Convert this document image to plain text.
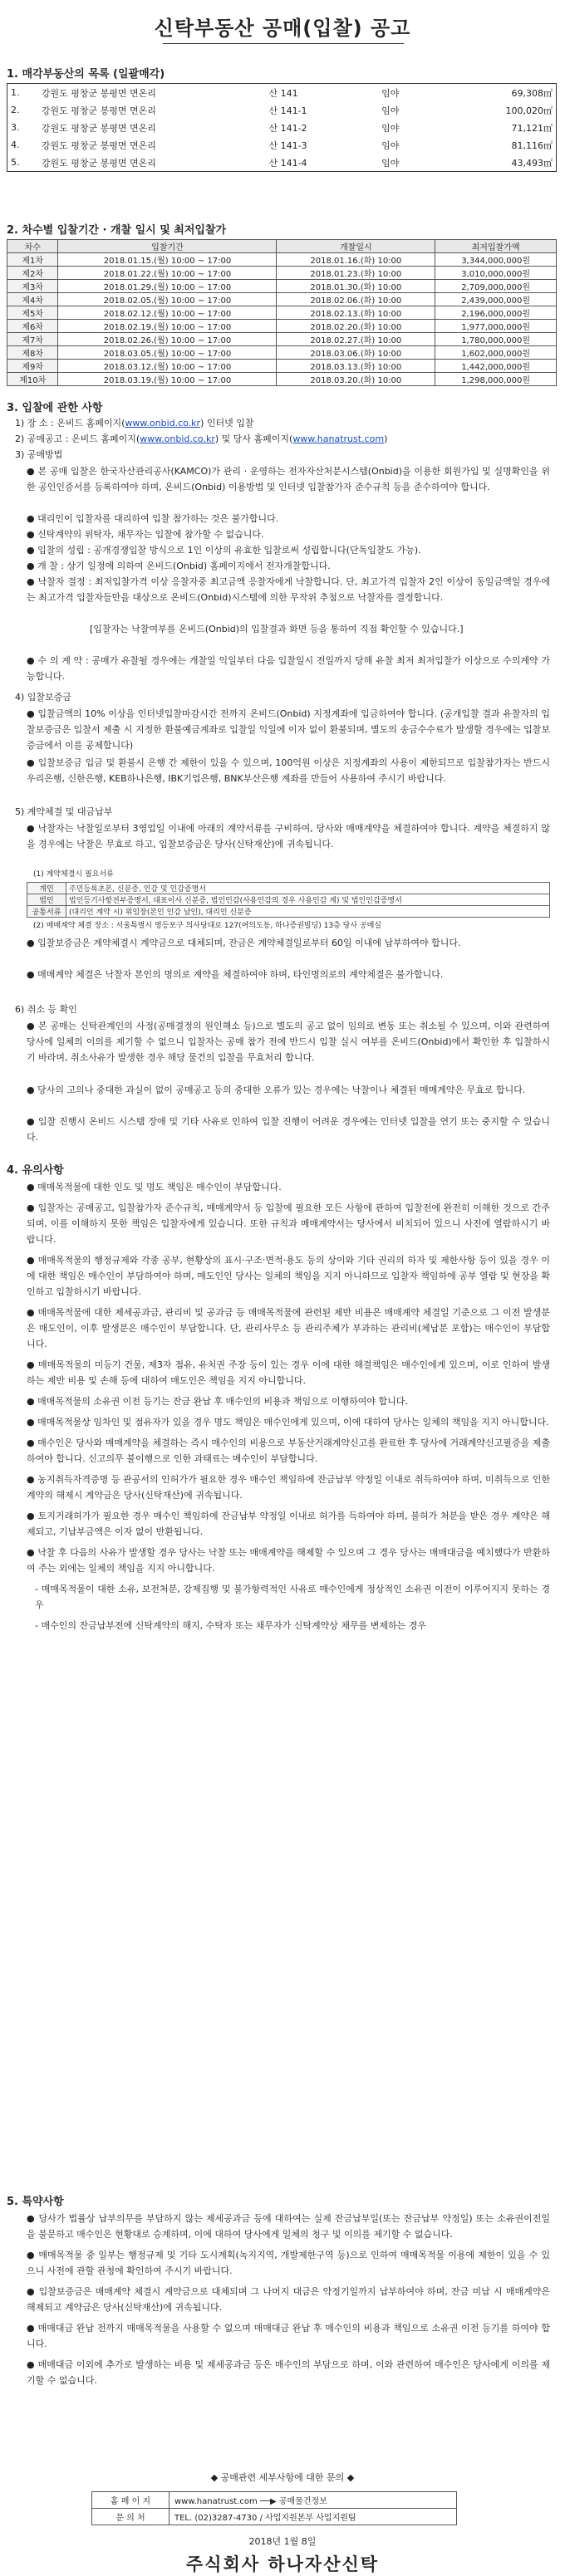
신탁부동산 공매(입찰) 공고
1. 매각부동산의 목록 (일괄매각)
1.	강원도 평창군 봉평면 면온리	산 141	임야	69,308㎡
2.	강원도 평창군 봉평면 면온리	산 141-1	임야	100,020㎡
3.	강원도 평창군 봉평면 면온리	산 141-2	임야	71,121㎡
4.	강원도 평창군 봉평면 면온리	산 141-3	임야	81,116㎡
5.	강원도 평창군 봉평면 면온리	산 141-4	임야	43,493㎡
2. 차수별 입찰기간 · 개찰 일시 및 최저입찰가
차수	입찰기간	개찰일시	최저입찰가액
제1차	2018.01.15.(월) 10:00 ~ 17:00	2018.01.16.(화) 10:00	3,344,000,000원
제2차	2018.01.22.(월) 10:00 ~ 17:00	2018.01.23.(화) 10:00	3,010,000,000원
제3차	2018.01.29.(월) 10:00 ~ 17:00	2018.01.30.(화) 10:00	2,709,000,000원
제4차	2018.02.05.(월) 10:00 ~ 17:00	2018.02.06.(화) 10:00	2,439,000,000원
제5차	2018.02.12.(월) 10:00 ~ 17:00	2018.02.13.(화) 10:00	2,196,000,000원
제6차	2018.02.19.(월) 10:00 ~ 17:00	2018.02.20.(화) 10:00	1,977,000,000원
제7차	2018.02.26.(월) 10:00 ~ 17:00	2018.02.27.(화) 10:00	1,780,000,000원
제8차	2018.03.05.(월) 10:00 ~ 17:00	2018.03.06.(화) 10:00	1,602,000,000원
제9차	2018.03.12.(월) 10:00 ~ 17:00	2018.03.13.(화) 10:00	1,442,000,000원
제10차	2018.03.19.(월) 10:00 ~ 17:00	2018.03.20.(화) 10:00	1,298,000,000원
3. 입찰에 관한 사항
1) 장 소 : 온비드 홈페이지(www.onbid.co.kr) 인터넷 입찰
2) 공매공고 : 온비드 홈페이지(www.onbid.co.kr) 및 당사 홈페이지(www.hanatrust.com)
3) 공매방법
● 본 공매 입찰은 한국자산관리공사(KAMCO)가 관리 · 운영하는 전자자산처분시스템(Onbid)을 이용한 회원가입 및 실명확인을 위한 공인인증서를 등록하여야 하며, 온비드(Onbid) 이용방법 및 인터넷 입찰참가자 준수규칙 등을 준수하여야 합니다.
● 대리인이 입찰자를 대리하여 입찰 참가하는 것은 불가합니다.
● 신탁계약의 위탁자, 채무자는 입찰에 참가할 수 없습니다.
● 입찰의 성립 : 공개경쟁입찰 방식으로 1인 이상의 유효한 입찰로써 성립합니다(단독입찰도 가능).
● 개 찰 : 상기 일정에 의하여 온비드(Onbid) 홈페이지에서 전자개찰합니다.
● 낙찰자 결정 : 최저입찰가격 이상 응찰자중 최고금액 응찰자에게 낙찰합니다. 단, 최고가격 입찰자 2인 이상이 동일금액일 경우에는 최고가격 입찰자들만을 대상으로 온비드(Onbid)시스템에 의한 무작위 추첨으로 낙찰자를 결정합니다.
[입찰자는 낙찰여부를 온비드(Onbid)의 입찰결과 화면 등을 통하여 직접 확인할 수 있습니다.]
● 수 의 계 약 : 공매가 유찰될 경우에는 개찰일 익일부터 다음 입찰일시 전일까지 당해 유찰 최저 최저입찰가 이상으로 수의계약 가능합니다.
4) 입찰보증금
● 입찰금액의 10% 이상을 인터넷입찰마감시간 전까지 온비드(Onbid) 지정계좌에 입금하여야 합니다. (공개입찰 결과 유찰자의 입찰보증금은 입찰서 제출 시 지정한 환불예금계좌로 입찰일 익일에 이자 없이 환불되며, 별도의 송금수수료가 발생할 경우에는 입찰보증금에서 이를 공제합니다)
● 입찰보증금 입금 및 환불시 은행 간 제한이 있을 수 있으며, 100억원 이상은 지정계좌의 사용이 제한되므로 입찰참가자는 반드시 우리은행, 신한은행, KEB하나은행, IBK기업은행, BNK부산은행 계좌를 만들어 사용하여 주시기 바랍니다.
5) 계약체결 및 대금납부
● 낙찰자는 낙찰일로부터 3영업일 이내에 아래의 계약서류를 구비하여, 당사와 매매계약을 체결하여야 합니다. 계약을 체결하지 않을 경우에는 낙찰은 무효로 하고, 입찰보증금은 당사(신탁재산)에 귀속됩니다.
(1) 계약체결시 필요서류
개인	주민등록초본, 신분증, 인감 및 인감증명서
법인	법인등기사항전부증명서, 대표이사 신분증, 법인인감(사용인감의 경우 사용인감 계) 및 법인인감증명서
공통서류	(대리인 계약 시) 위임장(본인 인감 날인), 대리인 신분증
(2) 매매계약 체결 장소 : 서울특별시 영등포구 의사당대로 127(여의도동, 하나증권빌딩) 13층 당사 공매실
● 입찰보증금은 계약체결시 계약금으로 대체되며, 잔금은 계약체결일로부터 60일 이내에 납부하여야 합니다.
● 매매계약 체결은 낙찰자 본인의 명의로 계약을 체결하여야 하며, 타인명의로의 계약체결은 불가합니다.
6) 취소 등 확인
● 본 공매는 신탁관계인의 사정(공매결정의 원인해소 등)으로 별도의 공고 없이 임의로 변동 또는 취소될 수 있으며, 이와 관련하여 당사에 일체의 이의를 제기할 수 없으니 입찰자는 공매 참가 전에 반드시 입찰 실시 여부를 온비드(Onbid)에서 확인한 후 입찰하시기 바라며, 취소사유가 발생한 경우 해당 물건의 입찰을 무효처리 합니다.
● 당사의 고의나 중대한 과실이 없이 공매공고 등의 중대한 오류가 있는 경우에는 낙찰이나 체결된 매매계약은 무효로 합니다.
● 입찰 진행시 온비드 시스템 장애 및 기타 사유로 인하여 입찰 진행이 어려운 경우에는 인터넷 입찰을 연기 또는 중지할 수 있습니다.
4. 유의사항
● 매매목적물에 대한 인도 및 명도 책임은 매수인이 부담합니다.
● 입찰자는 공매공고, 입찰참가자 준수규칙, 매매계약서 등 입찰에 필요한 모든 사항에 관하여 입찰전에 완전히 이해한 것으로 간주되며, 이를 이해하지 못한 책임은 입찰자에게 있습니다. 또한 규칙과 매매계약서는 당사에서 비치되어 있으니 사전에 열람하시기 바랍니다.
● 매매목적물의 행정규제와 각종 공부, 현황상의 표시·구조·면적·용도 등의 상이와 기타 권리의 하자 및 제한사항 등이 있을 경우 이에 대한 책임은 매수인이 부담하여야 하며, 매도인인 당사는 일체의 책임을 지지 아니하므로 입찰자 책임하에 공부 열람 및 현장을 확인하고 입찰하시기 바랍니다.
● 매매목적물에 대한 제세공과금, 관리비 및 공과금 등 매매목적물에 관련된 제반 비용은 매매계약 체결일 기준으로 그 이전 발생분은 매도인이, 이후 발생분은 매수인이 부담합니다. 단, 관리사무소 등 관리주체가 부과하는 관리비(체납분 포함)는 매수인이 부담합니다.
● 매매목적물의 미등기 건물, 제3자 점유, 유치권 주장 등이 있는 경우 이에 대한 해결책임은 매수인에게 있으며, 이로 인하여 발생하는 제반 비용 및 손해 등에 대하여 매도인은 책임을 지지 아니합니다.
● 매매목적물의 소유권 이전 등기는 잔금 완납 후 매수인의 비용과 책임으로 이행하여야 합니다.
● 매매목적물상 임차인 및 점유자가 있을 경우 명도 책임은 매수인에게 있으며, 이에 대하여 당사는 일체의 책임을 지지 아니합니다.
● 매수인은 당사와 매매계약을 체결하는 즉시 매수인의 비용으로 부동산거래계약신고를 완료한 후 당사에 거래계약신고필증을 제출하여야 합니다. 신고의무 불이행으로 인한 과태료는 매수인이 부담합니다.
● 농지취득자격증명 등 관공서의 인허가가 필요한 경우 매수인 책임하에 잔금납부 약정일 이내로 취득하여야 하며, 미취득으로 인한 계약의 해제시 계약금은 당사(신탁재산)에 귀속됩니다.
● 토지거래허가가 필요한 경우 매수인 책임하에 잔금납부 약정일 이내로 허가를 득하여야 하며, 불허가 처분을 받은 경우 계약은 해제되고, 기납부금액은 이자 없이 반환됩니다.
● 낙찰 후 다음의 사유가 발생할 경우 당사는 낙찰 또는 매매계약을 해제할 수 있으며 그 경우 당사는 매매대금을 예치했다가 반환하여 주는 외에는 일체의 책임을 지지 아니합니다.
- 매매목적물이 대한 소유, 보전처분, 강제집행 및 불가항력적인 사유로 매수인에게 정상적인 소유권 이전이 이루어지지 못하는 경우
- 매수인의 잔금납부전에 신탁계약의 해지, 수탁자 또는 채무자가 신탁계약상 채무를 변제하는 경우
5. 특약사항
● 당사가 법률상 납부의무를 부담하지 않는 제세공과금 등에 대하여는 실제 잔금납부일(또는 잔금납부 약정일) 또는 소유권이전일을 불문하고 매수인은 현황대로 승계하며, 이에 대하여 당사에게 일체의 청구 및 이의를 제기할 수 없습니다.
● 매매목적물 중 일부는 행정규제 및 기타 도시계획(녹지지역, 개발제한구역 등)으로 인하여 매매목적물 이용에 제한이 있을 수 있으니 사전에 관할 관청에 확인하여 주시기 바랍니다.
● 입찰보증금은 매매계약 체결시 계약금으로 대체되며 그 나머지 대금은 약정기일까지 납부하여야 하며, 잔금 미납 시 매매계약은 해제되고 계약금은 당사(신탁재산)에 귀속됩니다.
● 매매대금 완납 전까지 매매목적물을 사용할 수 없으며 매매대금 완납 후 매수인의 비용과 책임으로 소유권 이전 등기를 하여야 합니다.
● 매매대금 이외에 추가로 발생하는 비용 및 제세공과금 등은 매수인의 부담으로 하며, 이와 관련하여 매수인은 당사에게 이의를 제기할 수 없습니다.
◆ 공매관련 세부사항에 대한 문의 ◆
홈 페 이 지	www.hanatrust.com ──▶ 공매물건정보
문 의 처	TEL. (02)3287-4730 / 사업지원본부 사업지원팀
2018년 1월 8일
주식회사 하나자산신탁
